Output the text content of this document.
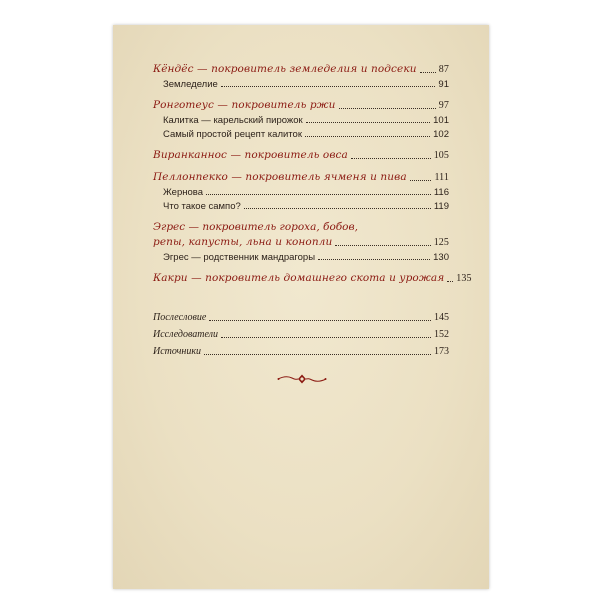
Кёндёс — покровитель земледелия и подсеки 87
Земледелие	91
Ронготеус — покровитель ржи	97
Калитка — карельский пирожок	101
Самый простой рецепт калиток	102
Виранканнос — покровитель овса	105
Пеллонпекко — покровитель ячменя и пива	111
Жернова	116
Что такое сампо?	119
Эгрес — покровитель гороха, бобов,
репы, капусты, льна и конопли	125
Эгрес — родственник мандрагоры	130
Какри — покровитель домашнего скота и урожая 135
Послесловие	145
Исследователи	152
Источники	173
